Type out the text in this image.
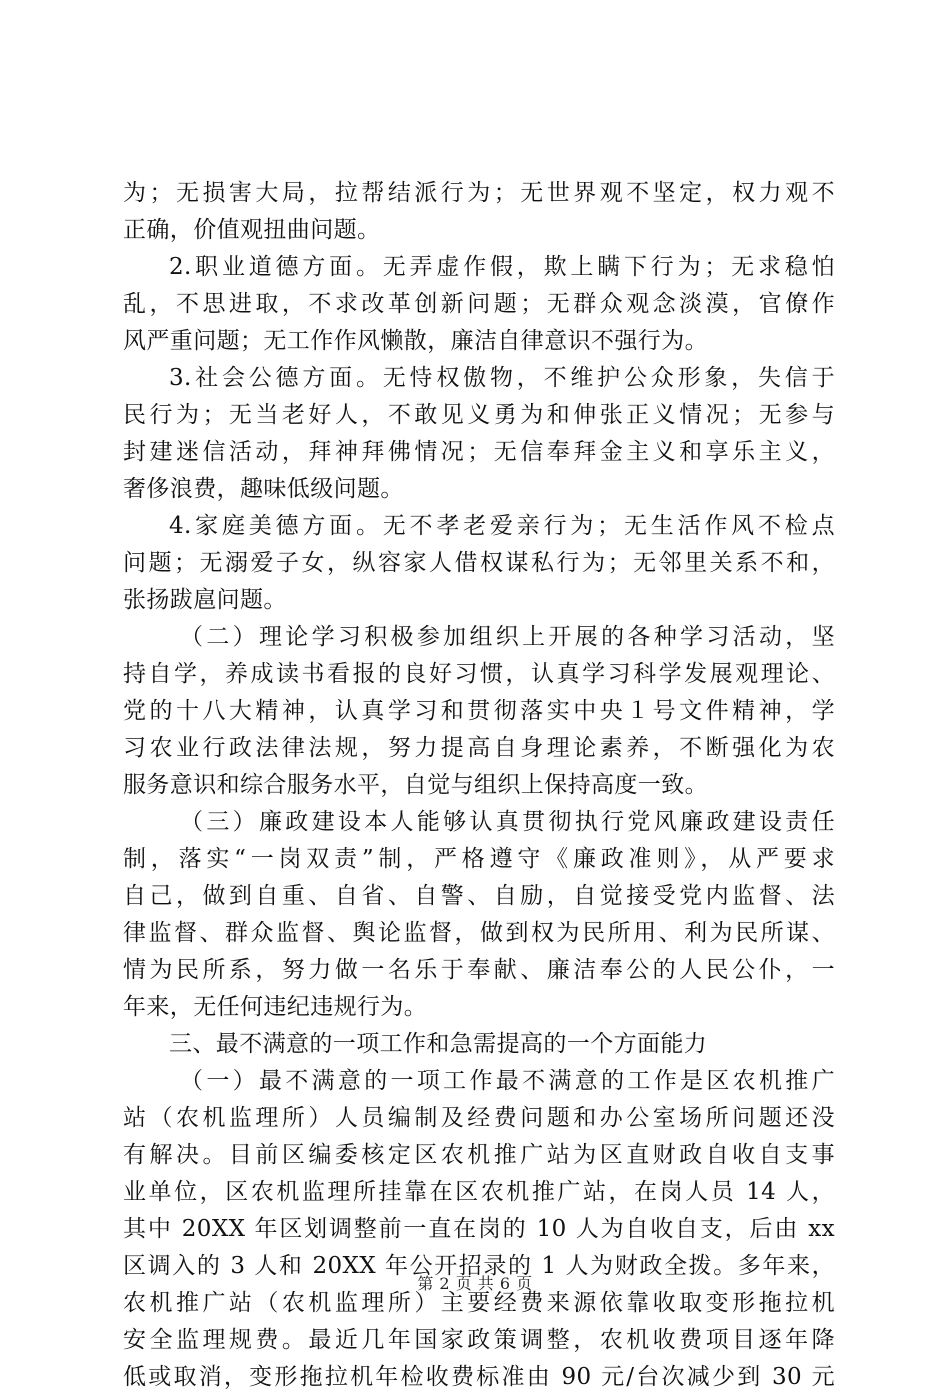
为；无损害大局，拉帮结派行为；无世界观不坚定，权力观不
正确，价值观扭曲问题。
2.职业道德方面。无弄虚作假，欺上瞒下行为；无求稳怕
乱，不思进取，不求改革创新问题；无群众观念淡漠，官僚作
风严重问题；无工作作风懒散，廉洁自律意识不强行为。
3.社会公德方面。无恃权傲物，不维护公众形象，失信于
民行为；无当老好人，不敢见义勇为和伸张正义情况；无参与
封建迷信活动，拜神拜佛情况；无信奉拜金主义和享乐主义，
奢侈浪费，趣味低级问题。
4.家庭美德方面。无不孝老爱亲行为；无生活作风不检点
问题；无溺爱子女，纵容家人借权谋私行为；无邻里关系不和，
张扬跋扈问题。
（二）理论学习积极参加组织上开展的各种学习活动，坚
持自学，养成读书看报的良好习惯，认真学习科学发展观理论、
党的十八大精神，认真学习和贯彻落实中央１号文件精神，学
习农业行政法律法规，努力提高自身理论素养，不断强化为农
服务意识和综合服务水平，自觉与组织上保持高度一致。
（三）廉政建设本人能够认真贯彻执行党风廉政建设责任
制，落实“一岗双责”制，严格遵守《廉政准则》，从严要求
自己，做到自重、自省、自警、自励，自觉接受党内监督、法
律监督、群众监督、舆论监督，做到权为民所用、利为民所谋、
情为民所系，努力做一名乐于奉献、廉洁奉公的人民公仆，一
年来，无任何违纪违规行为。
三、最不满意的一项工作和急需提高的一个方面能力
（一）最不满意的一项工作最不满意的工作是区农机推广
站（农机监理所）人员编制及经费问题和办公室场所问题还没
有解决。目前区编委核定区农机推广站为区直财政自收自支事
业单位，区农机监理所挂靠在区农机推广站，在岗人员 14 人，
其中 20XX 年区划调整前一直在岗的 10 人为自收自支，后由 xx
区调入的 3 人和 20XX 年公开招录的 1 人为财政全拨。多年来，
农机推广站（农机监理所）主要经费来源依靠收取变形拖拉机
安全监理规费。最近几年国家政策调整，农机收费项目逐年降
低或取消，变形拖拉机年检收费标准由 90 元/台次减少到 30 元
第 2 页 共 6 页
